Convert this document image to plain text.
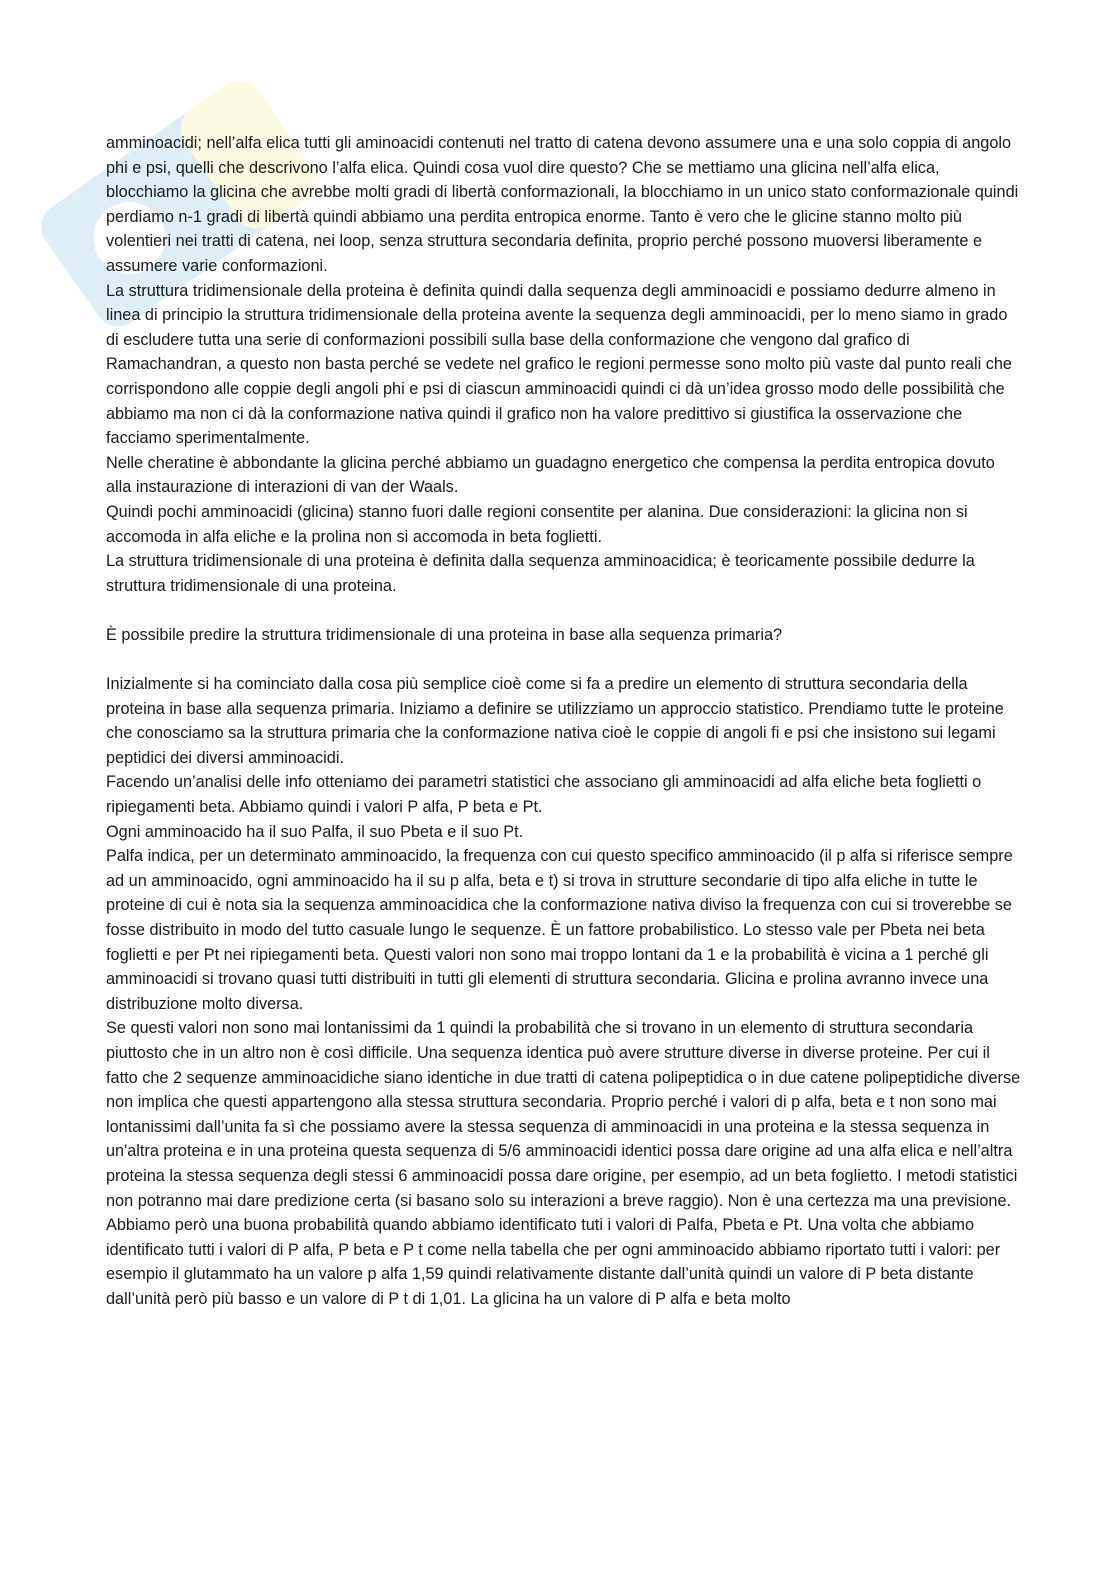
amminoacidi; nell’alfa elica tutti gli aminoacidi contenuti nel tratto di catena devono assumere una e una solo coppia di angolo phi e psi, quelli che descrivono l’alfa elica. Quindi cosa vuol dire questo? Che se mettiamo una glicina nell’alfa elica, blocchiamo la glicina che avrebbe molti gradi di libertà conformazionali, la blocchiamo in un unico stato conformazionale quindi perdiamo n-1 gradi di libertà quindi abbiamo una perdita entropica enorme. Tanto è vero che le glicine stanno molto più volentieri nei tratti di catena, nei loop, senza struttura secondaria definita, proprio perché possono muoversi liberamente e assumere varie conformazioni.

La struttura tridimensionale della proteina è definita quindi dalla sequenza degli amminoacidi e possiamo dedurre almeno in linea di principio la struttura tridimensionale della proteina avente la sequenza degli amminoacidi, per lo meno siamo in grado di escludere tutta una serie di conformazioni possibili sulla base della conformazione che vengono dal grafico di Ramachandran, a questo non basta perché se vedete nel grafico le regioni permesse sono molto più vaste dal punto reali che corrispondono alle coppie degli angoli phi e psi di ciascun amminoacidi quindi ci dà un’idea grosso modo delle possibilità che abbiamo ma non ci dà la conformazione nativa quindi il grafico non ha valore predittivo si giustifica la osservazione che facciamo sperimentalmente.

Nelle cheratine è abbondante la glicina perché abbiamo un guadagno energetico che compensa la perdita entropica dovuto alla instaurazione di interazioni di van der Waals.

Quindi pochi amminoacidi (glicina) stanno fuori dalle regioni consentite per alanina. Due considerazioni: la glicina non si accomoda in alfa eliche e la prolina non si accomoda in beta foglietti.

La struttura tridimensionale di una proteina è definita dalla sequenza amminoacidica; è teoricamente possibile dedurre la struttura tridimensionale di una proteina.

È possibile predire la struttura tridimensionale di una proteina in base alla sequenza primaria?

Inizialmente si ha cominciato dalla cosa più semplice cioè come si fa a predire un elemento di struttura secondaria della proteina in base alla sequenza primaria. Iniziamo a definire se utilizziamo un approccio statistico. Prendiamo tutte le proteine che conosciamo sa la struttura primaria che la conformazione nativa cioè le coppie di angoli fi e psi che insistono sui legami peptidici dei diversi amminoacidi.

Facendo un’analisi delle info otteniamo dei parametri statistici che associano gli amminoacidi ad alfa eliche beta foglietti o ripiegamenti beta. Abbiamo quindi i valori P alfa, P beta e Pt.

Ogni amminoacido ha il suo Palfa, il suo Pbeta e il suo Pt.

Palfa indica, per un determinato amminoacido, la frequenza con cui questo specifico amminoacido (il p alfa si riferisce sempre ad un amminoacido, ogni amminoacido ha il su p alfa, beta e t) si trova in strutture secondarie di tipo alfa eliche in tutte le proteine di cui è nota sia la sequenza amminoacidica che la conformazione nativa diviso la frequenza con cui si troverebbe se fosse distribuito in modo del tutto casuale lungo le sequenze. È un fattore probabilistico. Lo stesso vale per Pbeta nei beta foglietti e per Pt nei ripiegamenti beta. Questi valori non sono mai troppo lontani da 1 e la probabilità è vicina a 1 perché gli amminoacidi si trovano quasi tutti distribuiti in tutti gli elementi di struttura secondaria. Glicina e prolina avranno invece una distribuzione molto diversa.

Se questi valori non sono mai lontanissimi da 1 quindi la probabilità che si trovano in un elemento di struttura secondaria piuttosto che in un altro non è così difficile. Una sequenza identica può avere strutture diverse in diverse proteine. Per cui il fatto che 2 sequenze amminoacidiche siano identiche in due tratti di catena polipeptidica o in due catene polipeptidiche diverse non implica che questi appartengono alla stessa struttura secondaria. Proprio perché i valori di p alfa, beta e t non sono mai lontanissimi dall’unita fa sì che possiamo avere la stessa sequenza di amminoacidi in una proteina e la stessa sequenza in un'altra proteina e in una proteina questa sequenza di 5/6 amminoacidi identici possa dare origine ad una alfa elica e nell’altra proteina la stessa sequenza degli stessi 6 amminoacidi possa dare origine, per esempio, ad un beta foglietto. I metodi statistici non potranno mai dare predizione certa (si basano solo su interazioni a breve raggio). Non è una certezza ma una previsione. Abbiamo però una buona probabilità quando abbiamo identificato tuti i valori di Palfa, Pbeta e Pt. Una volta che abbiamo identificato tutti i valori di P alfa, P beta e P t come nella tabella che per ogni amminoacido abbiamo riportato tutti i valori: per esempio il glutammato ha un valore p alfa 1,59 quindi relativamente distante dall’unità quindi un valore di P beta distante dall’unità però più basso e un valore di P t di 1,01. La glicina ha un valore di P alfa e beta molto
